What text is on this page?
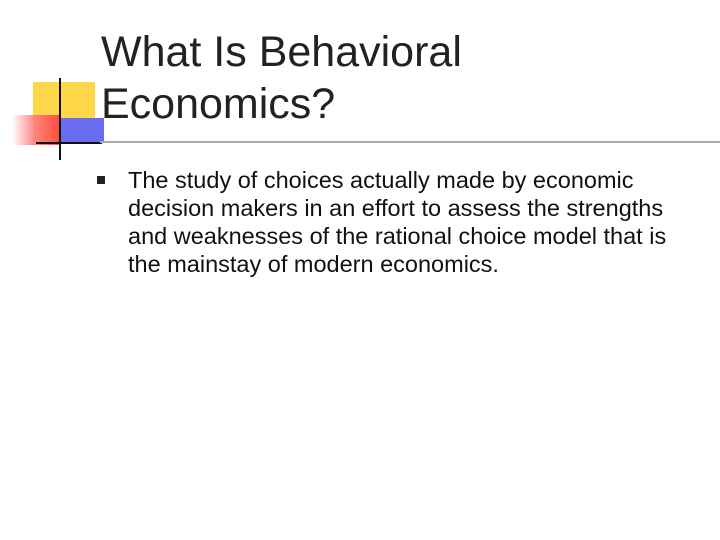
What Is Behavioral
Economics?

The study of choices actually made by economic decision makers in an effort to assess the strengths and weaknesses of the rational choice model that is the mainstay of modern economics.
